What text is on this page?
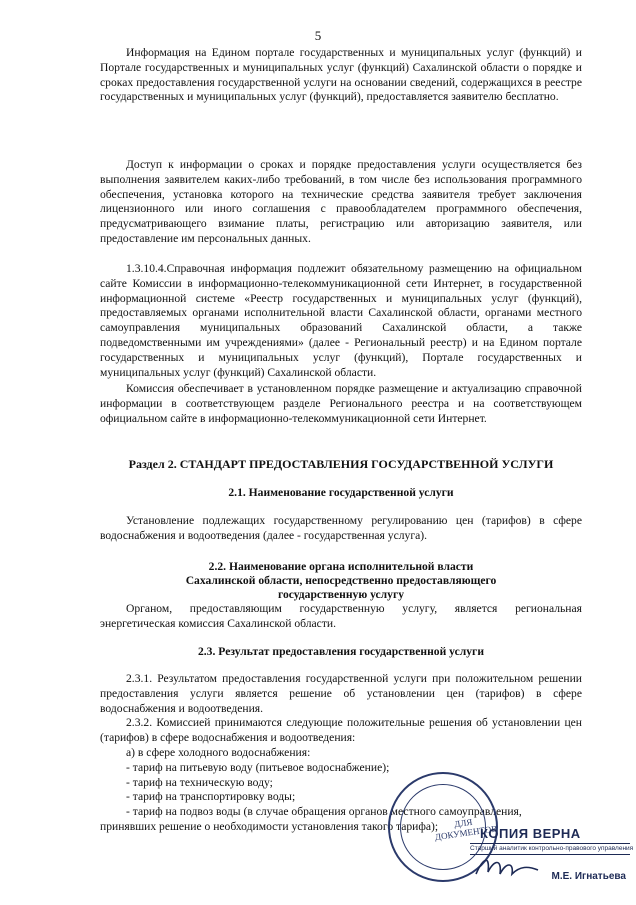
5
Информация на Едином портале государственных и муниципальных услуг (функций) и Портале государственных и муниципальных услуг (функций) Сахалинской области о порядке и сроках предоставления государственной услуги на основании сведений, содержащихся в реестре государственных и муниципальных услуг (функций), предоставляется заявителю бесплатно.
Доступ к информации о сроках и порядке предоставления услуги осуществляется без выполнения заявителем каких-либо требований, в том числе без использования программного обеспечения, установка которого на технические средства заявителя требует заключения лицензионного или иного соглашения с правообладателем программного обеспечения, предусматривающего взимание платы, регистрацию или авторизацию заявителя, или предоставление им персональных данных.
1.3.10.4.Справочная информация подлежит обязательному размещению на официальном сайте Комиссии в информационно-телекоммуникационной сети Интернет, в государственной информационной системе «Реестр государственных и муниципальных услуг (функций), предоставляемых органами исполнительной власти Сахалинской области, органами местного самоуправления муниципальных образований Сахалинской области, а также подведомственными им учреждениями» (далее - Региональный реестр) и на Едином портале государственных и муниципальных услуг (функций), Портале государственных и муниципальных услуг (функций) Сахалинской области.
Комиссия обеспечивает в установленном порядке размещение и актуализацию справочной информации в соответствующем разделе Регионального реестра и на соответствующем официальном сайте в информационно-телекоммуникационной сети Интернет.
Раздел 2. СТАНДАРТ ПРЕДОСТАВЛЕНИЯ ГОСУДАРСТВЕННОЙ УСЛУГИ
2.1. Наименование государственной услуги
Установление подлежащих государственному регулированию цен (тарифов) в сфере водоснабжения и водоотведения (далее - государственная услуга).
2.2. Наименование органа исполнительной власти
Сахалинской области, непосредственно предоставляющего
государственную услугу
Органом, предоставляющим государственную услугу, является региональная энергетическая комиссия Сахалинской области.
2.3. Результат предоставления государственной услуги
2.3.1. Результатом предоставления государственной услуги при положительном решении предоставления услуги является решение об установлении цен (тарифов) в сфере водоснабжения и водоотведения.
2.3.2. Комиссией принимаются следующие положительные решения об установлении цен (тарифов) в сфере водоснабжения и водоотведения:
а) в сфере холодного водоснабжения:
- тариф на питьевую воду (питьевое водоснабжение);
- тариф на техническую воду;
- тариф на транспортировку воды;
- тариф на подвоз воды (в случае обращения органов местного самоуправления,
принявших решение о необходимости установления такого тарифа);	ДЛЯ ДОКУМЕНТОВ
КОПИЯ ВЕРНА
Старший аналитик контрольно-правового управления
М.Е. Игнатьева
